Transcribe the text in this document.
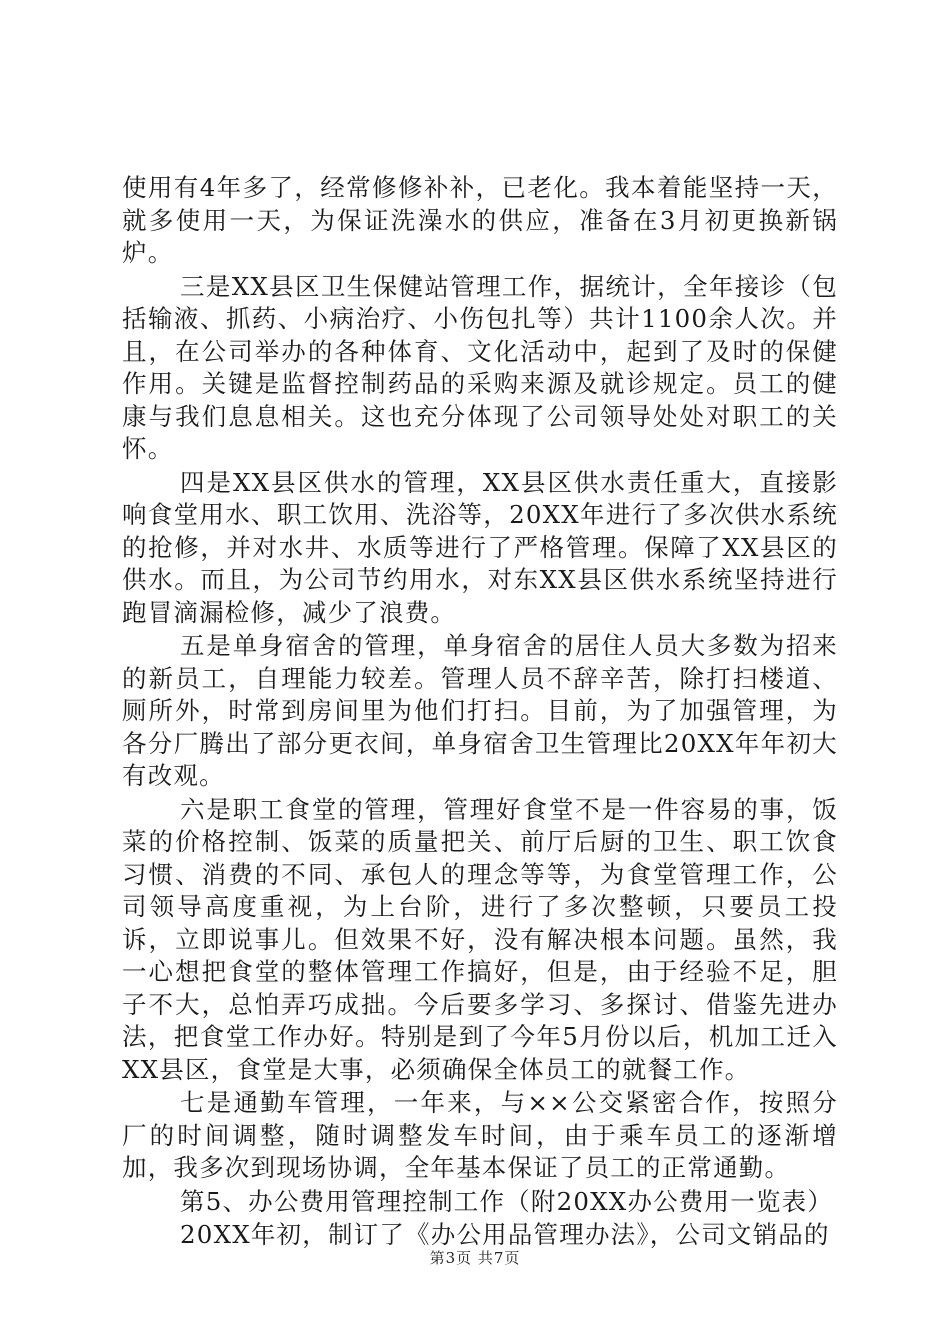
使用有4年多了，经常修修补补，已老化。我本着能坚持一天，就多使用一天，为保证洗澡水的供应，准备在3月初更换新锅炉。

三是XX县区卫生保健站管理工作，据统计，全年接诊（包括输液、抓药、小病治疗、小伤包扎等）共计1100余人次。并且，在公司举办的各种体育、文化活动中，起到了及时的保健作用。关键是监督控制药品的采购来源及就诊规定。员工的健康与我们息息相关。这也充分体现了公司领导处处对职工的关怀。

四是XX县区供水的管理，XX县区供水责任重大，直接影响食堂用水、职工饮用、洗浴等，20XX年进行了多次供水系统的抢修，并对水井、水质等进行了严格管理。保障了XX县区的供水。而且，为公司节约用水，对东XX县区供水系统坚持进行跑冒滴漏检修，减少了浪费。

五是单身宿舍的管理，单身宿舍的居住人员大多数为招来的新员工，自理能力较差。管理人员不辞辛苦，除打扫楼道、厕所外，时常到房间里为他们打扫。目前，为了加强管理，为各分厂腾出了部分更衣间，单身宿舍卫生管理比20XX年年初大有改观。

六是职工食堂的管理，管理好食堂不是一件容易的事，饭菜的价格控制、饭菜的质量把关、前厅后厨的卫生、职工饮食习惯、消费的不同、承包人的理念等等，为食堂管理工作，公司领导高度重视，为上台阶，进行了多次整顿，只要员工投诉，立即说事儿。但效果不好，没有解决根本问题。虽然，我一心想把食堂的整体管理工作搞好，但是，由于经验不足，胆子不大，总怕弄巧成拙。今后要多学习、多探讨、借鉴先进办法，把食堂工作办好。特别是到了今年5月份以后，机加工迁入XX县区，食堂是大事，必须确保全体员工的就餐工作。

七是通勤车管理，一年来，与××公交紧密合作，按照分厂的时间调整，随时调整发车时间，由于乘车员工的逐渐增加，我多次到现场协调，全年基本保证了员工的正常通勤。

第5、办公费用管理控制工作（附20XX办公费用一览表）

20XX年初，制订了《办公用品管理办法》，公司文销品的

第3页 共7页
